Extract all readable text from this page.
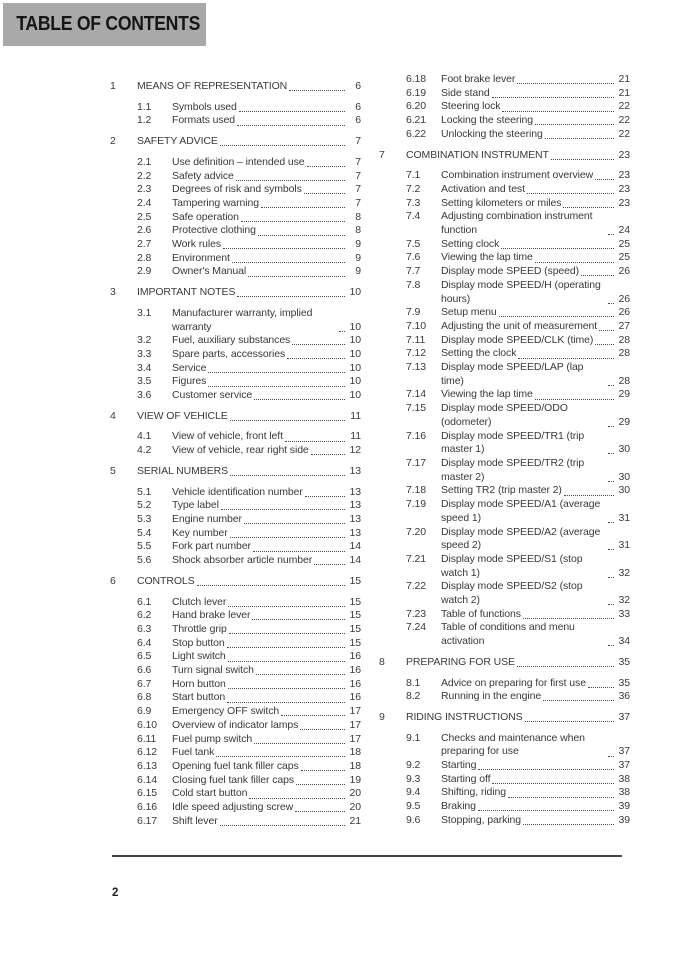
TABLE OF CONTENTS
1	MEANS OF REPRESENTATION	6
1.1	Symbols used	6
1.2	Formats used	6
2	SAFETY ADVICE	7
2.1	Use definition – intended use	7
2.2	Safety advice	7
2.3	Degrees of risk and symbols	7
2.4	Tampering warning	7
2.5	Safe operation	8
2.6	Protective clothing	8
2.7	Work rules	9
2.8	Environment	9
2.9	Owner's Manual	9
3	IMPORTANT NOTES	10
3.1	Manufacturer warranty, implied warranty	10
3.2	Fuel, auxiliary substances	10
3.3	Spare parts, accessories	10
3.4	Service	10
3.5	Figures	10
3.6	Customer service	10
4	VIEW OF VEHICLE	11
4.1	View of vehicle, front left	11
4.2	View of vehicle, rear right side	12
5	SERIAL NUMBERS	13
5.1	Vehicle identification number	13
5.2	Type label	13
5.3	Engine number	13
5.4	Key number	13
5.5	Fork part number	14
5.6	Shock absorber article number	14
6	CONTROLS	15
6.1	Clutch lever	15
6.2	Hand brake lever	15
6.3	Throttle grip	15
6.4	Stop button	15
6.5	Light switch	16
6.6	Turn signal switch	16
6.7	Horn button	16
6.8	Start button	16
6.9	Emergency OFF switch	17
6.10	Overview of indicator lamps	17
6.11	Fuel pump switch	17
6.12	Fuel tank	18
6.13	Opening fuel tank filler caps	18
6.14	Closing fuel tank filler caps	19
6.15	Cold start button	20
6.16	Idle speed adjusting screw	20
6.17	Shift lever	21
6.18	Foot brake lever	21
6.19	Side stand	21
6.20	Steering lock	22
6.21	Locking the steering	22
6.22	Unlocking the steering	22
7	COMBINATION INSTRUMENT	23
7.1	Combination instrument overview 23
7.2	Activation and test	23
7.3	Setting kilometers or miles	23
7.4	Adjusting combination instrument function	24
7.5	Setting clock	25
7.6	Viewing the lap time	25
7.7	Display mode SPEED (speed)	26
7.8	Display mode SPEED/H (operating hours)	26
7.9	Setup menu	26
7.10	Adjusting the unit of measurement 27
7.11	Display mode SPEED/CLK (time) 28
7.12	Setting the clock	28
7.13	Display mode SPEED/LAP (lap time)	28
7.14	Viewing the lap time	29
7.15	Display mode SPEED/ODO (odometer)	29
7.16	Display mode SPEED/TR1 (trip master 1)	30
7.17	Display mode SPEED/TR2 (trip master 2)	30
7.18	Setting TR2 (trip master 2)	30
7.19	Display mode SPEED/A1 (average speed 1)	31
7.20	Display mode SPEED/A2 (average speed 2)	31
7.21	Display mode SPEED/S1 (stop watch 1)	32
7.22	Display mode SPEED/S2 (stop watch 2)	32
7.23	Table of functions	33
7.24	Table of conditions and menu activation	34
8	PREPARING FOR USE	35
8.1	Advice on preparing for first use	35
8.2	Running in the engine	36
9	RIDING INSTRUCTIONS	37
9.1	Checks and maintenance when preparing for use	37
9.2	Starting	37
9.3	Starting off	38
9.4	Shifting, riding	38
9.5	Braking	39
9.6	Stopping, parking	39
2
